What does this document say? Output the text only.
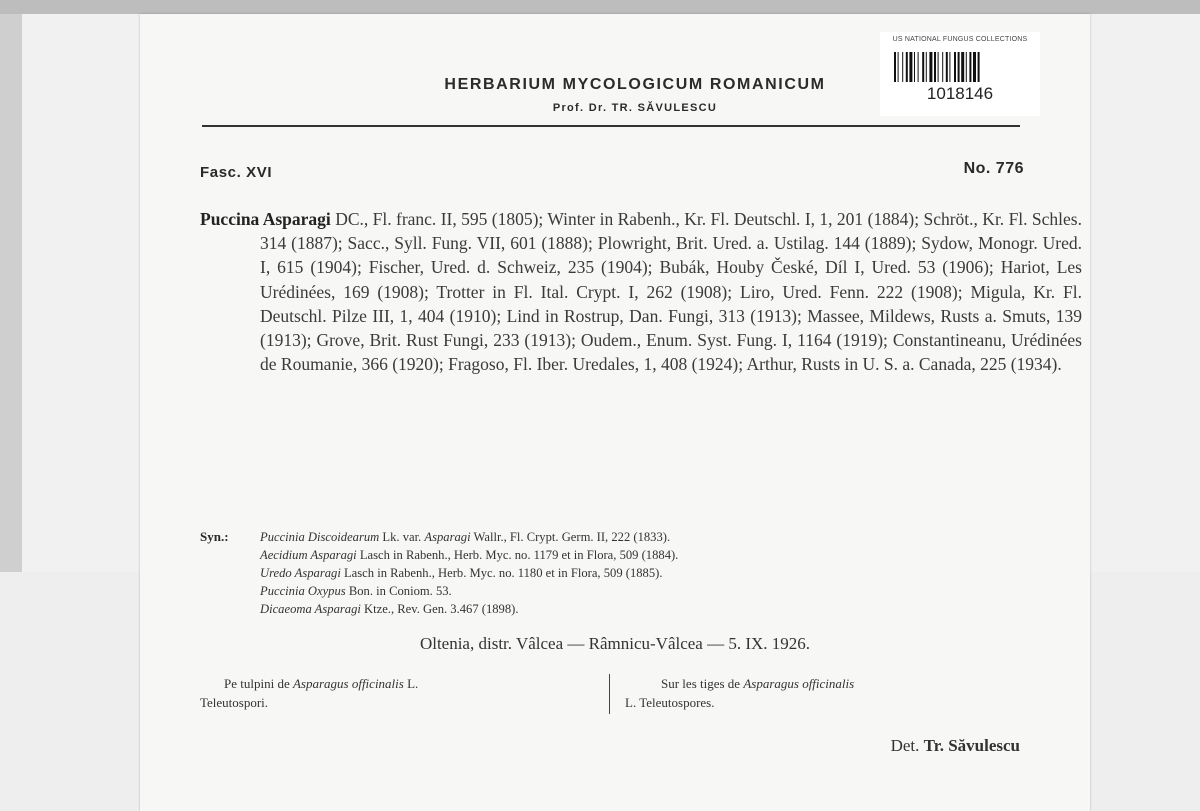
US NATIONAL FUNGUS COLLECTIONS
1018146
HERBARIUM MYCOLOGICUM ROMANICUM
Prof. Dr. TR. SĂVULESCU
Fasc. XVI	No. 776
Puccina Asparagi DC., Fl. franc. II, 595 (1805); Winter in Rabenh., Kr. Fl. Deutschl. I, 1, 201 (1884); Schröt., Kr. Fl. Schles. 314 (1887); Sacc., Syll. Fung. VII, 601 (1888); Plowright, Brit. Ured. a. Ustilag. 144 (1889); Sydow, Monogr. Ured. I, 615 (1904); Fischer, Ured. d. Schweiz, 235 (1904); Bubák, Houby České, Díl I, Ured. 53 (1906); Hariot, Les Urédinées, 169 (1908); Trotter in Fl. Ital. Crypt. I, 262 (1908); Liro, Ured. Fenn. 222 (1908); Migula, Kr. Fl. Deutschl. Pilze III, 1, 404 (1910); Lind in Rostrup, Dan. Fungi, 313 (1913); Massee, Mildews, Rusts a. Smuts, 139 (1913); Grove, Brit. Rust Fungi, 233 (1913); Oudem., Enum. Syst. Fung. I, 1164 (1919); Constantineanu, Urédinées de Roumanie, 366 (1920); Fragoso, Fl. Iber. Uredales, 1, 408 (1924); Arthur, Rusts in U. S. a. Canada, 225 (1934).
Syn.: Puccinia Discoidearum Lk. var. Asparagi Wallr., Fl. Crypt. Germ. II, 222 (1833).
Aecidium Asparagi Lasch in Rabenh., Herb. Myc. no. 1179 et in Flora, 509 (1884).
Uredo Asparagi Lasch in Rabenh., Herb. Myc. no. 1180 et in Flora, 509 (1885).
Puccinia Oxypus Bon. in Coniom. 53.
Dicaeoma Asparagi Ktze., Rev. Gen. 3.467 (1898).
Oltenia, distr. Vâlcea — Râmnicu-Vâlcea — 5. IX. 1926.
Pe tulpini de Asparagus officinalis L.
Teleutospori.
Sur les tiges de Asparagus officinalis
L. Teleutospores.
Det. Tr. Săvulescu
